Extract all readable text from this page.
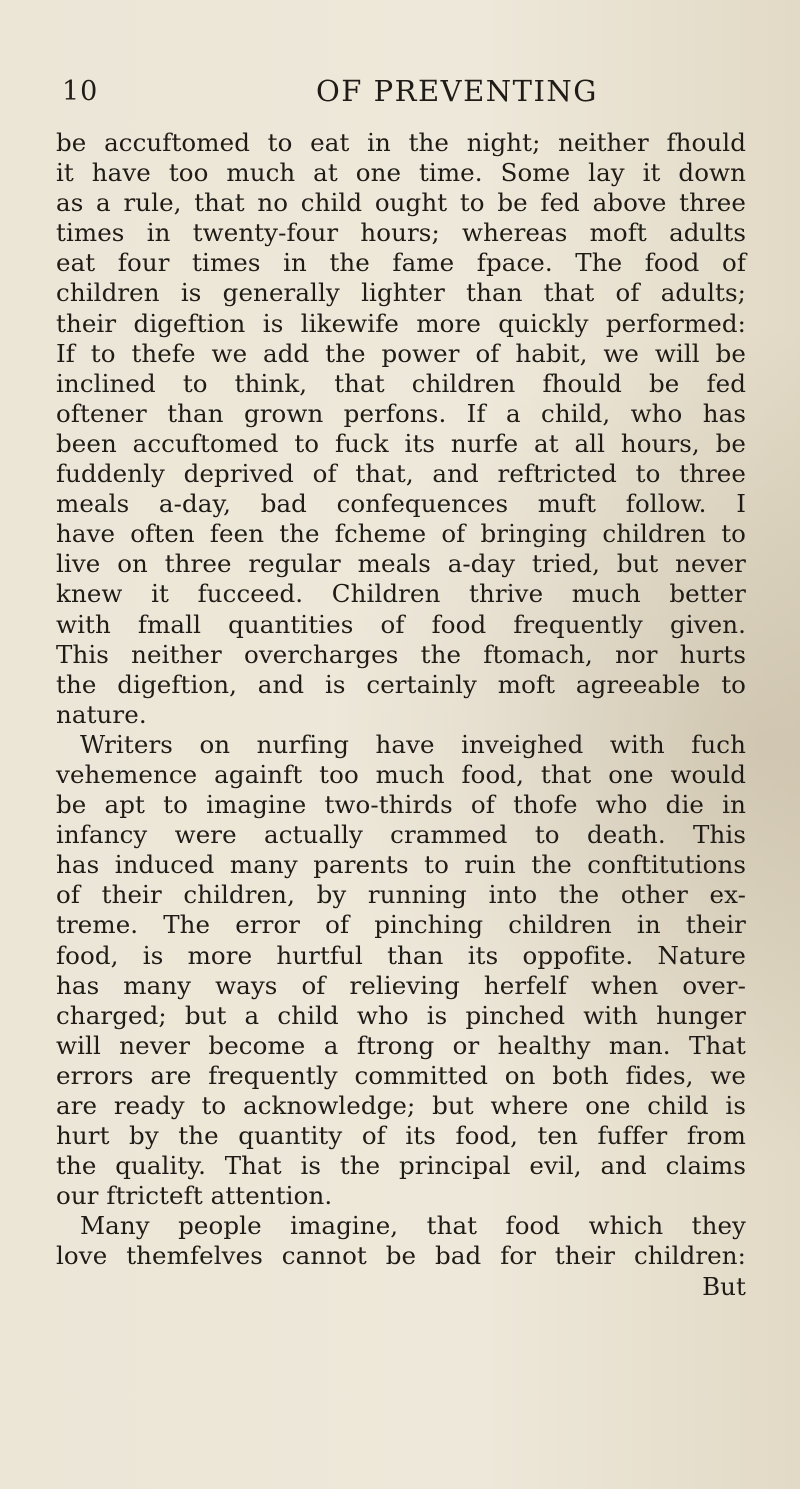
10	OF PREVENTING
be accuftomed to eat in the night; neither fhould
it have too much at one time. Some lay it down
as a rule, that no child ought to be fed above three
times in twenty-four hours; whereas moft adults
eat four times in the fame fpace. The food of
children is generally lighter than that of adults;
their digeftion is likewife more quickly performed:
If to thefe we add the power of habit, we will be
inclined to think, that children fhould be fed
oftener than grown perfons. If a child, who has
been accuftomed to fuck its nurfe at all hours, be
fuddenly deprived of that, and reftricted to three
meals a-day, bad confequences muft follow. I
have often feen the fcheme of bringing children to
live on three regular meals a-day tried, but never
knew it fucceed. Children thrive much better
with fmall quantities of food frequently given.
This neither overcharges the ftomach, nor hurts
the digeftion, and is certainly moft agreeable to
nature.
Writers on nurfing have inveighed with fuch
vehemence againft too much food, that one would
be apt to imagine two-thirds of thofe who die in
infancy were actually crammed to death. This
has induced many parents to ruin the conftitutions
of their children, by running into the other ex-
treme. The error of pinching children in their
food, is more hurtful than its oppofite. Nature
has many ways of relieving herfelf when over-
charged; but a child who is pinched with hunger
will never become a ftrong or healthy man. That
errors are frequently committed on both fides, we
are ready to acknowledge; but where one child is
hurt by the quantity of its food, ten fuffer from
the quality. That is the principal evil, and claims
our ftricteft attention.
Many people imagine, that food which they
love themfelves cannot be bad for their children:
But
